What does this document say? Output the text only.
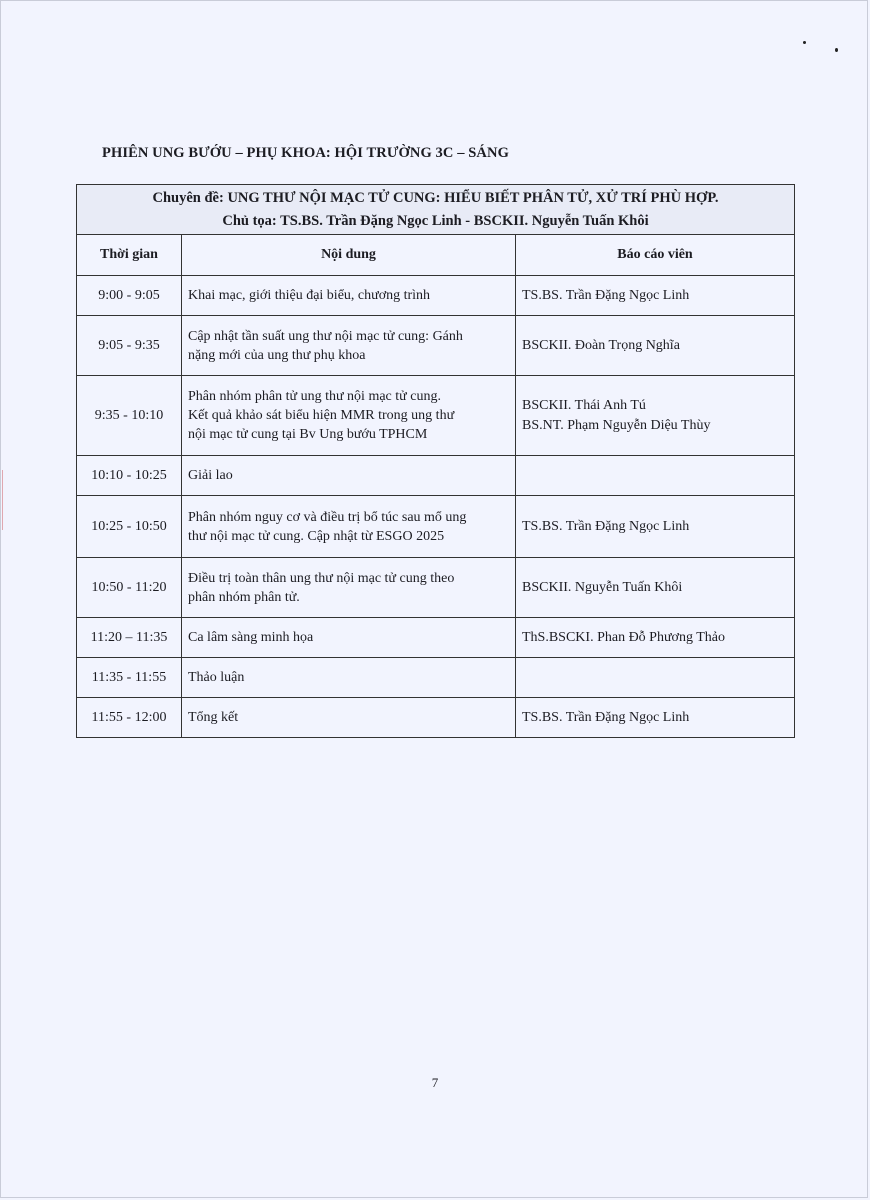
PHIÊN UNG BƯỚU – PHỤ KHOA: HỘI TRƯỜNG 3C – SÁNG
Chuyên đề: UNG THƯ NỘI MẠC TỬ CUNG: HIỂU BIẾT PHÂN TỬ, XỬ TRÍ PHÙ HỢP.
Chủ tọa: TS.BS. Trần Đặng Ngọc Linh - BSCKII. Nguyễn Tuấn Khôi		

Thời gian	Nội dung	Báo cáo viên
9:00 - 9:05	Khai mạc, giới thiệu đại biểu, chương trình	TS.BS. Trần Đặng Ngọc Linh

9:05 - 9:35	Cập nhật tần suất ung thư nội mạc tử cung: Gánh
nặng mới của ung thư phụ khoa	BSCKII. Đoàn Trọng Nghĩa

9:35 - 10:10	Phân nhóm phân tử ung thư nội mạc tử cung.
Kết quả khảo sát biểu hiện MMR trong ung thư
nội mạc tử cung tại Bv Ung bướu TPHCM	BSCKII. Thái Anh Tú
BS.NT. Phạm Nguyễn Diệu Thùy

10:10 - 10:25	Giải lao	

10:25 - 10:50	Phân nhóm nguy cơ và điều trị bổ túc sau mổ ung
thư nội mạc tử cung. Cập nhật từ ESGO 2025	TS.BS. Trần Đặng Ngọc Linh

10:50 - 11:20	Điều trị toàn thân ung thư nội mạc tử cung theo
phân nhóm phân tử.	BSCKII. Nguyễn Tuấn Khôi

11:20 – 11:35	Ca lâm sàng minh họa	ThS.BSCKI. Phan Đỗ Phương Thảo

11:35 - 11:55	Thảo luận	

11:55 - 12:00	Tổng kết	TS.BS. Trần Đặng Ngọc Linh
7
